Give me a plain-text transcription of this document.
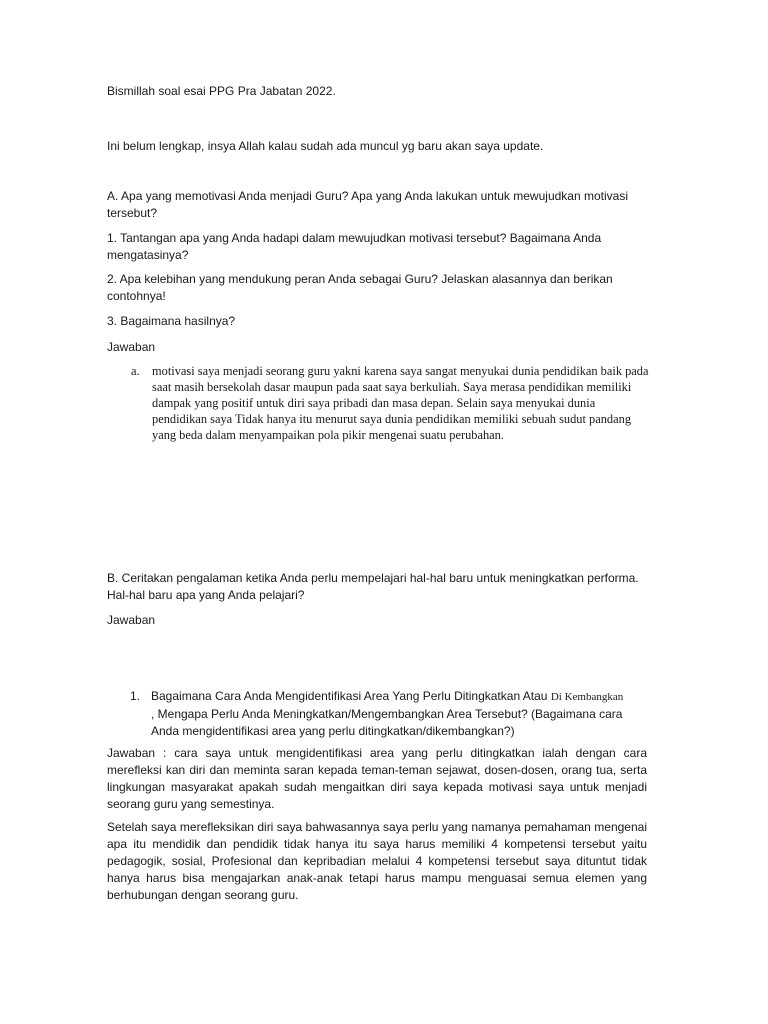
Bismillah soal esai PPG Pra Jabatan 2022.

Ini belum lengkap, insya Allah kalau sudah ada muncul yg baru akan saya update.

A. Apa yang memotivasi Anda menjadi Guru? Apa yang Anda lakukan untuk mewujudkan motivasi tersebut?

1. Tantangan apa yang Anda hadapi dalam mewujudkan motivasi tersebut? Bagaimana Anda mengatasinya?

2. Apa kelebihan yang mendukung peran Anda sebagai Guru? Jelaskan alasannya dan berikan contohnya!

3. Bagaimana hasilnya?

Jawaban

a. motivasi saya menjadi seorang guru yakni karena saya sangat menyukai dunia pendidikan baik pada saat masih bersekolah dasar maupun pada saat saya berkuliah. Saya merasa pendidikan memiliki dampak yang positif untuk diri saya pribadi dan masa depan. Selain saya menyukai dunia pendidikan saya Tidak hanya itu menurut saya dunia pendidikan memiliki sebuah sudut pandang yang beda dalam menyampaikan pola pikir mengenai suatu perubahan.

B. Ceritakan pengalaman ketika Anda perlu mempelajari hal-hal baru untuk meningkatkan performa. Hal-hal baru apa yang Anda pelajari?

Jawaban

1. Bagaimana Cara Anda Mengidentifikasi Area Yang Perlu Ditingkatkan Atau Di Kembangkan
, Mengapa Perlu Anda Meningkatkan/Mengembangkan Area Tersebut? (Bagaimana cara Anda mengidentifikasi area yang perlu ditingkatkan/dikembangkan?)

Jawaban : cara saya untuk mengidentifikasi area yang perlu ditingkatkan ialah dengan cara merefleksi kan diri dan meminta saran kepada teman-teman sejawat, dosen-dosen, orang tua, serta lingkungan masyarakat apakah sudah mengaitkan diri saya kepada motivasi saya untuk menjadi seorang guru yang semestinya.

Setelah saya merefleksikan diri saya bahwasannya saya perlu yang namanya pemahaman mengenai apa itu mendidik dan pendidik tidak hanya itu saya harus memiliki 4 kompetensi tersebut yaitu pedagogik, sosial, Profesional dan kepribadian melalui 4 kompetensi tersebut saya dituntut tidak hanya harus bisa mengajarkan anak-anak tetapi harus mampu menguasai semua elemen yang berhubungan dengan seorang guru.
